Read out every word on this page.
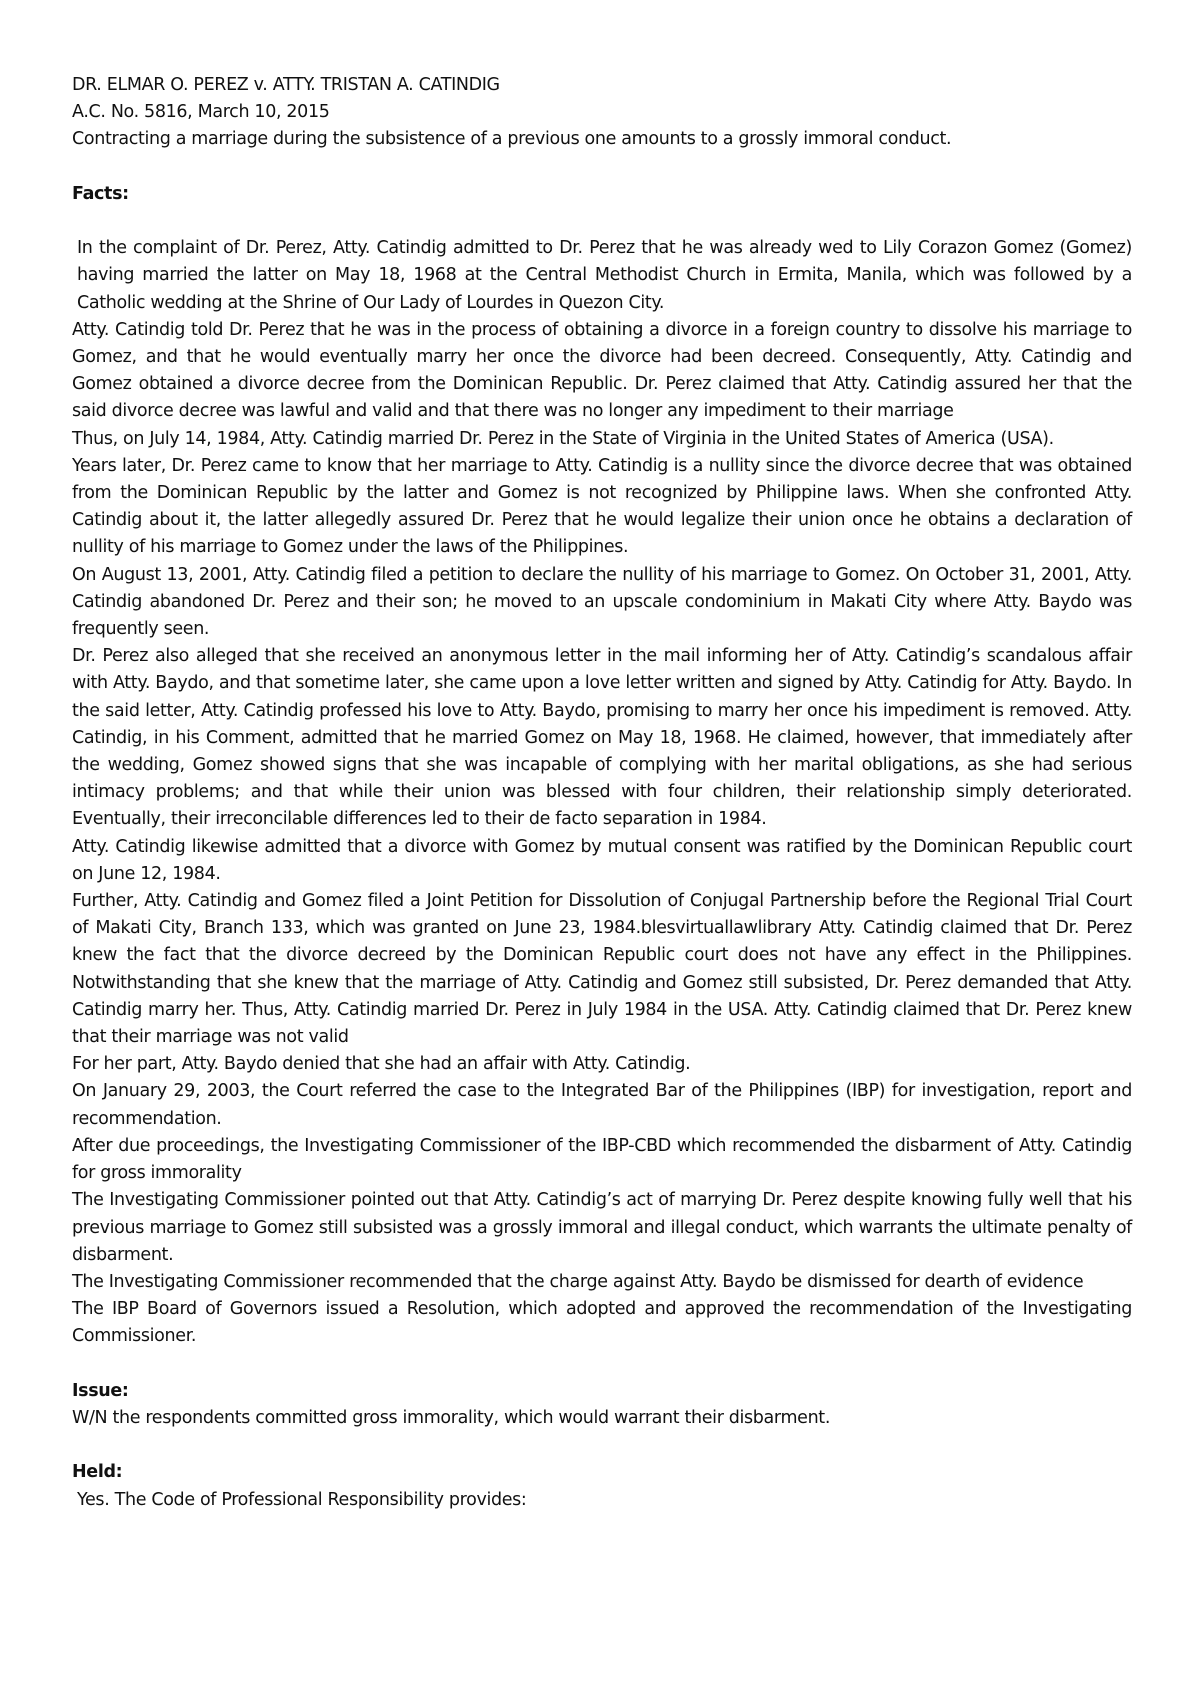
DR. ELMAR O. PEREZ v. ATTY. TRISTAN A. CATINDIG

A.C. No. 5816, March 10, 2015

Contracting a marriage during the subsistence of a previous one amounts to a grossly immoral conduct.

Facts:

In the complaint of Dr. Perez, Atty. Catindig admitted to Dr. Perez that he was already wed to Lily Corazon Gomez (Gomez) having married the latter on May 18, 1968 at the Central Methodist Church in Ermita, Manila, which was followed by a Catholic wedding at the Shrine of Our Lady of Lourdes in Quezon City.

Atty. Catindig told Dr. Perez that he was in the process of obtaining a divorce in a foreign country to dissolve his marriage to Gomez, and that he would eventually marry her once the divorce had been decreed. Consequently, Atty. Catindig and Gomez obtained a divorce decree from the Dominican Republic. Dr. Perez claimed that Atty. Catindig assured her that the said divorce decree was lawful and valid and that there was no longer any impediment to their marriage

Thus, on July 14, 1984, Atty. Catindig married Dr. Perez in the State of Virginia in the United States of America (USA).

Years later, Dr. Perez came to know that her marriage to Atty. Catindig is a nullity since the divorce decree that was obtained from the Dominican Republic by the latter and Gomez is not recognized by Philippine laws. When she confronted Atty. Catindig about it, the latter allegedly assured Dr. Perez that he would legalize their union once he obtains a declaration of nullity of his marriage to Gomez under the laws of the Philippines.

On August 13, 2001, Atty. Catindig filed a petition to declare the nullity of his marriage to Gomez. On October 31, 2001, Atty. Catindig abandoned Dr. Perez and their son; he moved to an upscale condominium in Makati City where Atty. Baydo was frequently seen.

Dr. Perez also alleged that she received an anonymous letter in the mail informing her of Atty. Catindig’s scandalous affair with Atty. Baydo, and that sometime later, she came upon a love letter written and signed by Atty. Catindig for Atty. Baydo. In the said letter, Atty. Catindig professed his love to Atty. Baydo, promising to marry her once his impediment is removed. Atty. Catindig, in his Comment, admitted that he married Gomez on May 18, 1968. He claimed, however, that immediately after the wedding, Gomez showed signs that she was incapable of complying with her marital obligations, as she had serious intimacy problems; and that while their union was blessed with four children, their relationship simply deteriorated. Eventually, their irreconcilable differences led to their de facto separation in 1984.

Atty. Catindig likewise admitted that a divorce with Gomez by mutual consent was ratified by the Dominican Republic court on June 12, 1984.

Further, Atty. Catindig and Gomez filed a Joint Petition for Dissolution of Conjugal Partnership before the Regional Trial Court of Makati City, Branch 133, which was granted on June 23, 1984.blesvirtuallawlibrary Atty. Catindig claimed that Dr. Perez knew the fact that the divorce decreed by the Dominican Republic court does not have any effect in the Philippines. Notwithstanding that she knew that the marriage of Atty. Catindig and Gomez still subsisted, Dr. Perez demanded that Atty. Catindig marry her. Thus, Atty. Catindig married Dr. Perez in July 1984 in the USA. Atty. Catindig claimed that Dr. Perez knew that their marriage was not valid

For her part, Atty. Baydo denied that she had an affair with Atty. Catindig.

On January 29, 2003, the Court referred the case to the Integrated Bar of the Philippines (IBP) for investigation, report and recommendation.

After due proceedings, the Investigating Commissioner of the IBP-CBD which recommended the disbarment of Atty. Catindig for gross immorality

The Investigating Commissioner pointed out that Atty. Catindig’s act of marrying Dr. Perez despite knowing fully well that his previous marriage to Gomez still subsisted was a grossly immoral and illegal conduct, which warrants the ultimate penalty of disbarment.

The Investigating Commissioner recommended that the charge against Atty. Baydo be dismissed for dearth of evidence

The IBP Board of Governors issued a Resolution, which adopted and approved the recommendation of the Investigating Commissioner.

Issue:

W/N the respondents committed gross immorality, which would warrant their disbarment.

Held:

Yes. The Code of Professional Responsibility provides:
